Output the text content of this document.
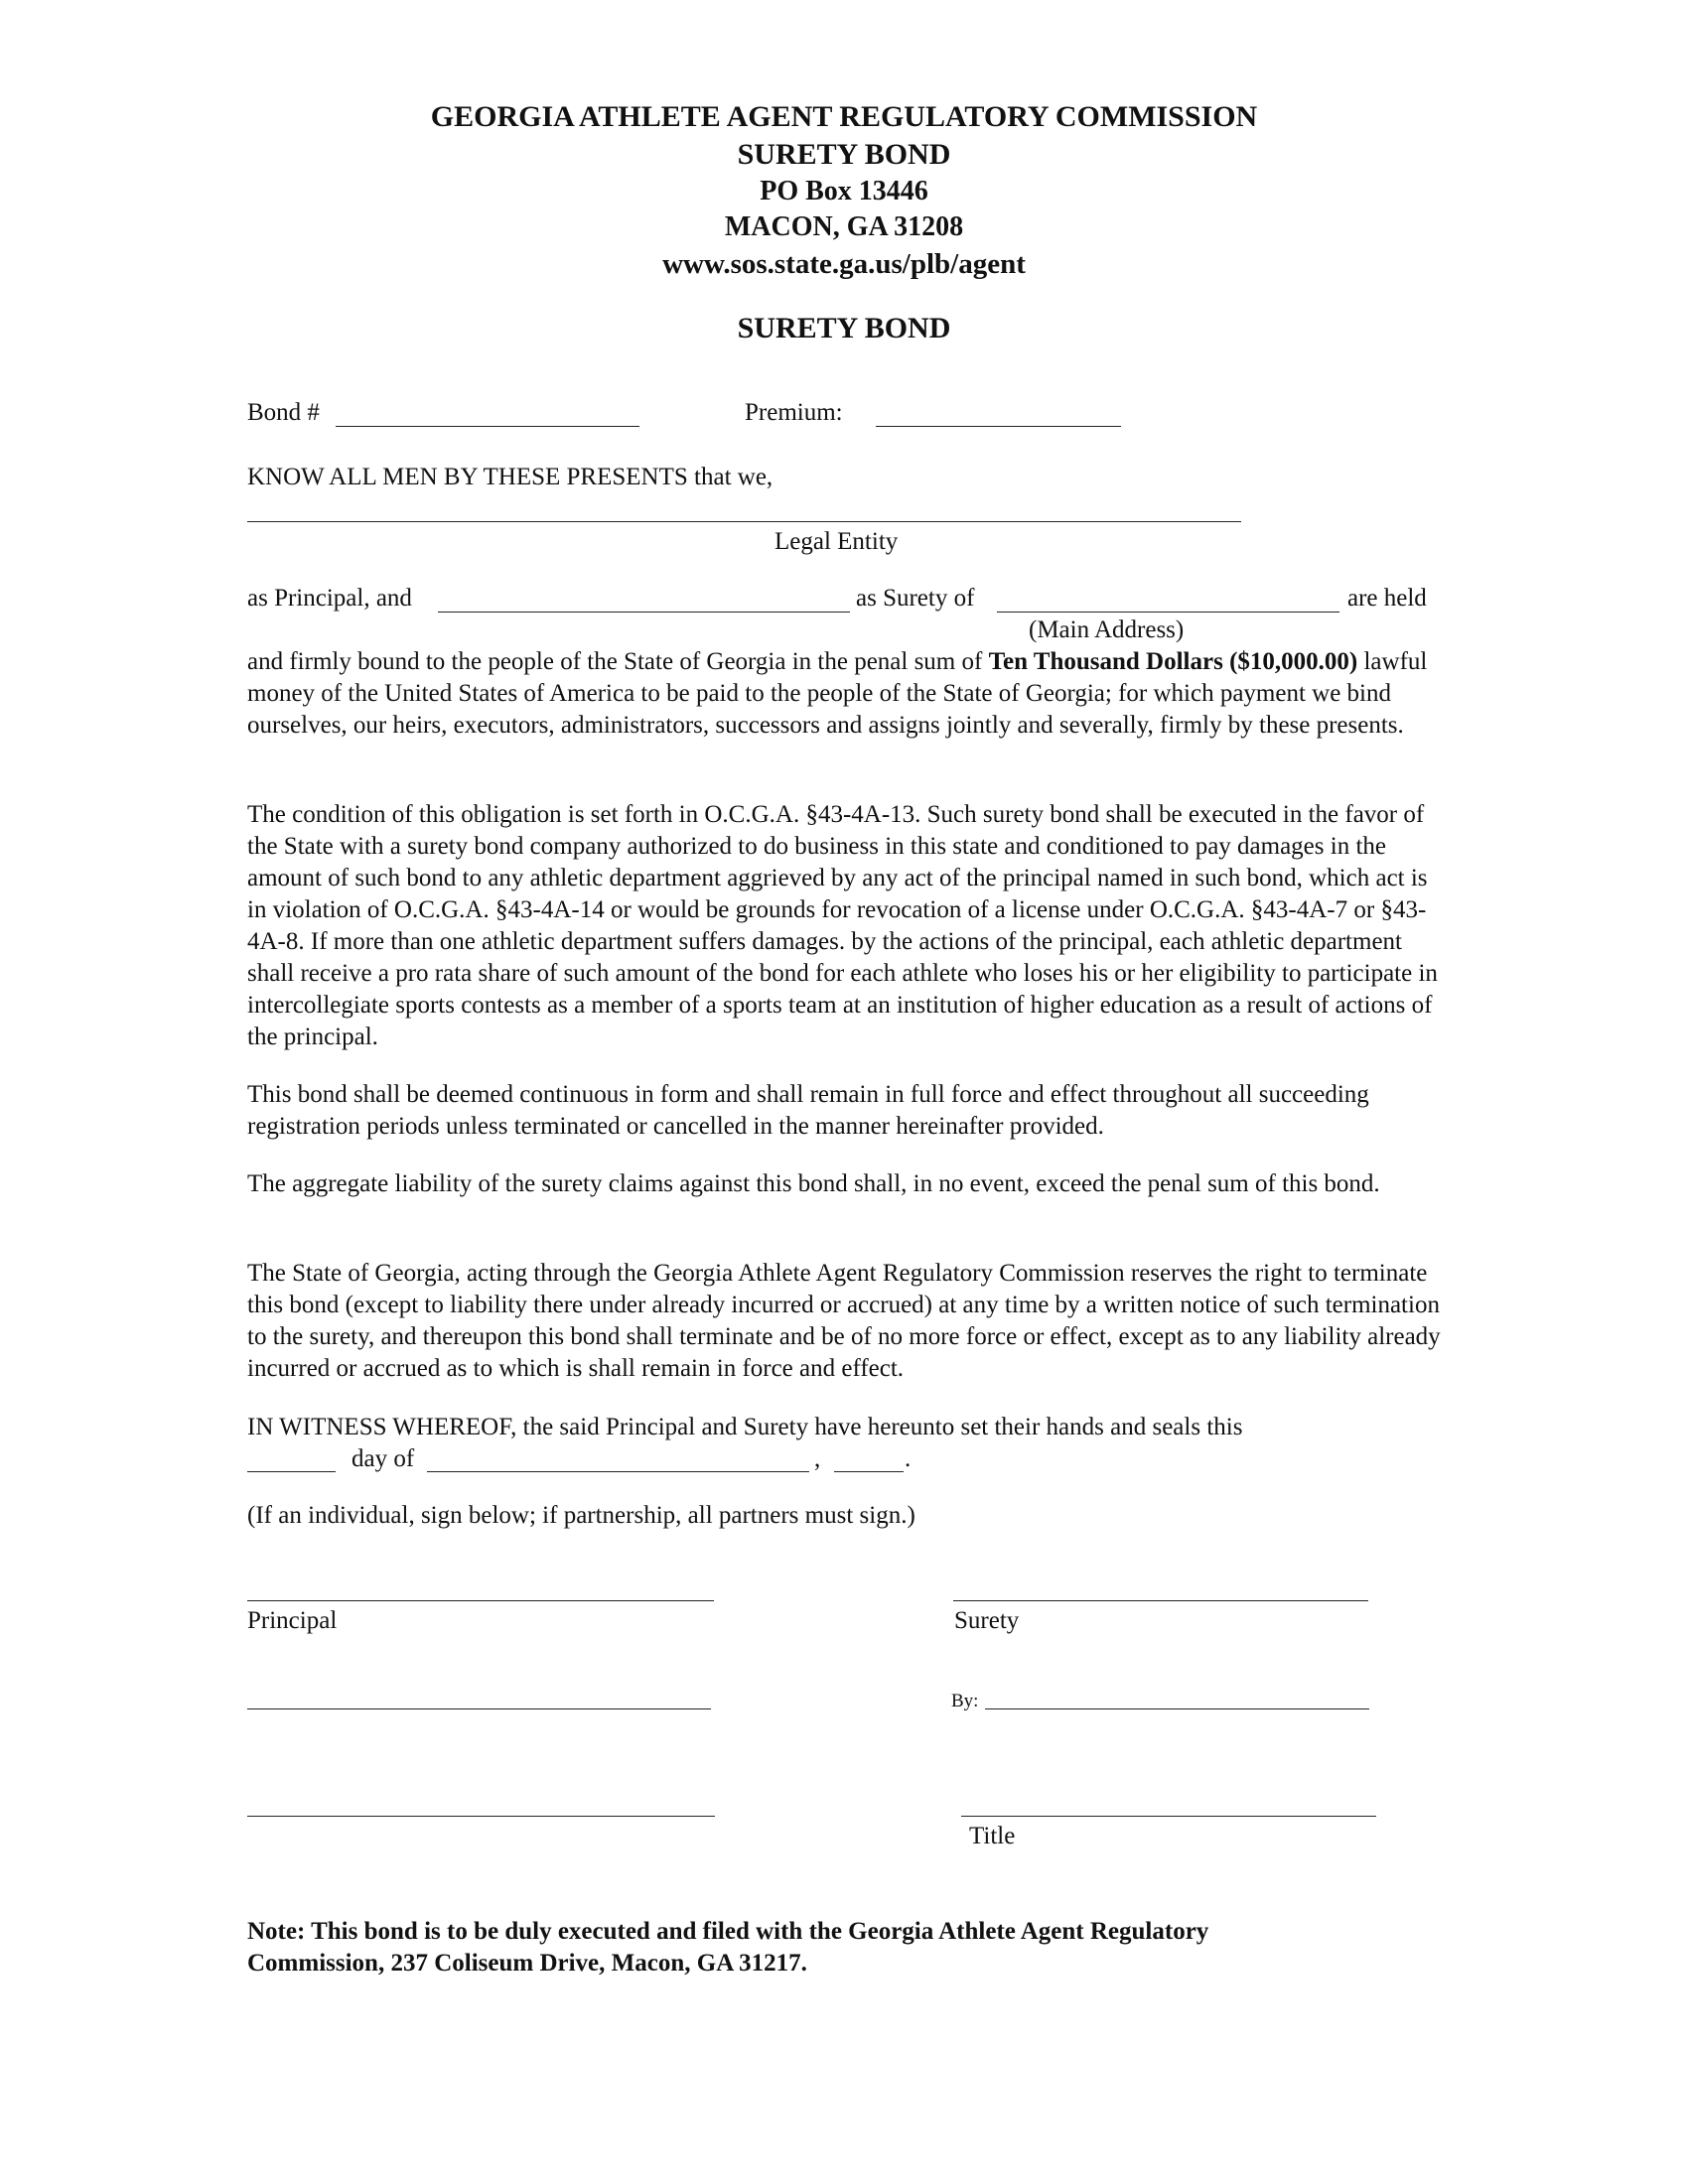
GEORGIA ATHLETE AGENT REGULATORY COMMISSION
SURETY BOND
PO Box 13446
MACON, GA 31208
www.sos.state.ga.us/plb/agent
SURETY BOND
Bond #	Premium:
KNOW ALL MEN BY THESE PRESENTS that we,
Legal Entity
as Principal, and	as Surety of	are held
(Main Address)
and firmly bound to the people of the State of Georgia in the penal sum of Ten Thousand Dollars ($10,000.00) lawful money of the United States of America to be paid to the people of the State of Georgia; for which payment we bind ourselves, our heirs, executors, administrators, successors and assigns jointly and severally, firmly by these presents.
The condition of this obligation is set forth in O.C.G.A. §43-4A-13. Such surety bond shall be executed in the favor of the State with a surety bond company authorized to do business in this state and conditioned to pay damages in the amount of such bond to any athletic department aggrieved by any act of the principal named in such bond, which act is in violation of O.C.G.A. §43-4A-14 or would be grounds for revocation of a license under O.C.G.A. §43-4A-7 or §43-4A-8. If more than one athletic department suffers damages. by the actions of the principal, each athletic department shall receive a pro rata share of such amount of the bond for each athlete who loses his or her eligibility to participate in intercollegiate sports contests as a member of a sports team at an institution of higher education as a result of actions of the principal.
This bond shall be deemed continuous in form and shall remain in full force and effect throughout all succeeding registration periods unless terminated or cancelled in the manner hereinafter provided.
The aggregate liability of the surety claims against this bond shall, in no event, exceed the penal sum of this bond.
The State of Georgia, acting through the Georgia Athlete Agent Regulatory Commission reserves the right to terminate this bond (except to liability there under already incurred or accrued) at any time by a written notice of such termination to the surety, and thereupon this bond shall terminate and be of no more force or effect, except as to any liability already incurred or accrued as to which is shall remain in force and effect.
IN WITNESS WHEREOF, the said Principal and Surety have hereunto set their hands and seals this
day of	,	.
(If an individual, sign below; if partnership, all partners must sign.)
Principal	Surety
By:
Title
Note: This bond is to be duly executed and filed with the Georgia Athlete Agent Regulatory
Commission, 237 Coliseum Drive, Macon, GA 31217.
